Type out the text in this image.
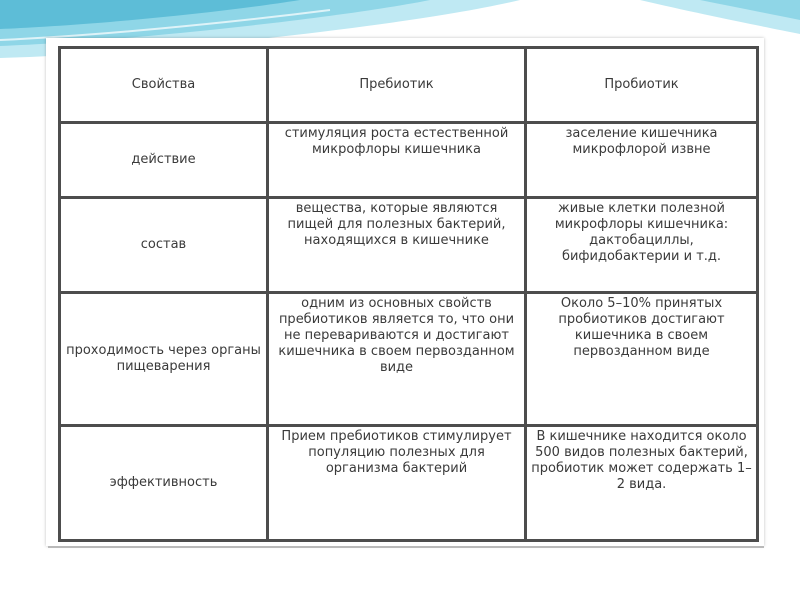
Свойства	Пребиотик	Пробиотик
действие	стимуляция роста естественной микрофлоры кишечника	заселение кишечника микрофлорой извне
состав	вещества, которые являются пищей для полезных бактерий, находящихся в кишечнике	живые клетки полезной микрофлоры кишечника: дактобациллы, бифидобактерии и т.д.
проходимость через органы пищеварения	одним из основных свойств пребиотиков является то, что они не перевариваются и достигают кишечника в своем первозданном виде	Около 5–10% принятых пробиотиков достигают кишечника в своем первозданном виде
эффективность	Прием пребиотиков стимулирует популяцию полезных для организма бактерий	В кишечнике находится около 500 видов полезных бактерий, пробиотик может содержать 1–2 вида.
